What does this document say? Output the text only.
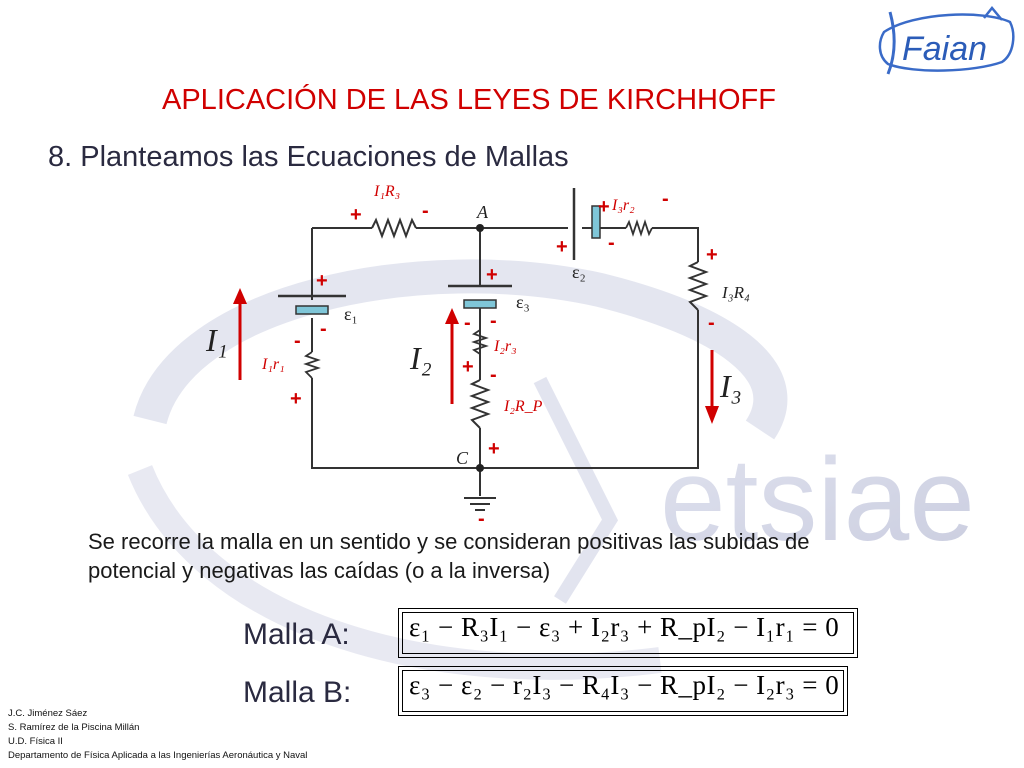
etsiae
Faian
APLICACIÓN DE LAS LEYES DE KIRCHHOFF
8. Planteamos las Ecuaciones de Mallas
I₁R₃
+	-	A
C
+ I₃r₂ -
+ -
ε₂
+
I₃R₄
-
I₃
+
-
ε₁
-
I₁r₁
+
I₁
+
ε₃
- -
I₂r₃
+ -
I₂R_P
+
-
I₂
Se recorre la malla en un sentido y se consideran positivas las subidas de potencial y negativas las caídas (o a la inversa)
Malla A: ε₁ − R₃I₁ − ε₃ + I₂r₃ + R_pI₂ − I₁r₁ = 0
Malla B: ε₃ − ε₂ − r₂I₃ − R₄I₃ − R_pI₂ − I₂r₃ = 0
J.C. Jiménez Sáez
S. Ramírez de la Piscina Millán
U.D. Física II
Departamento de Física Aplicada a las Ingenierías Aeronáutica y Naval
